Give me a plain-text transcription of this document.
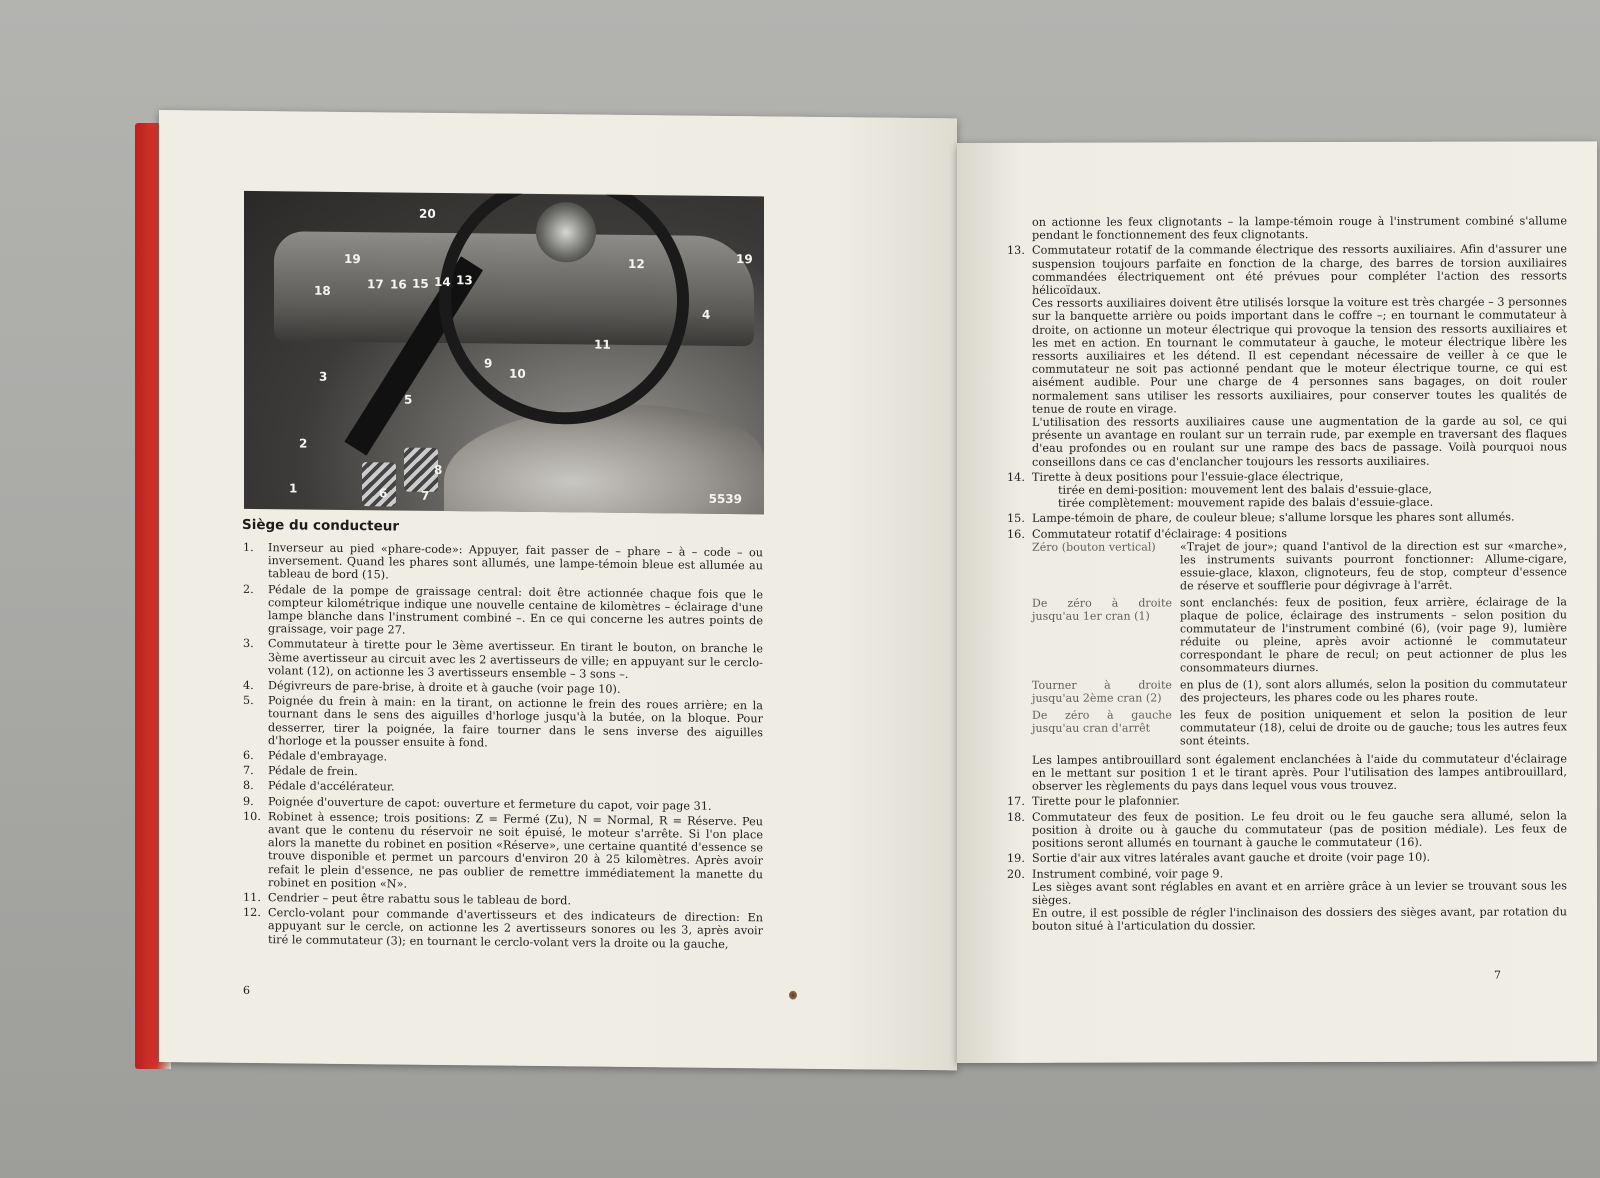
20
19
18	17 16 15 14 13
12	19
11
10
9
4
3
5
2
1	6	7
8
5539
Siège du conducteur
1.	Inverseur au pied «phare-code»: Appuyer, fait passer de – phare – à – code – ou inversement. Quand les phares sont allumés, une lampe-témoin bleue est allumée au tableau de bord (15).
2.	Pédale de la pompe de graissage central: doit être actionnée chaque fois que le compteur kilométrique indique une nouvelle centaine de kilomètres – éclairage d'une lampe blanche dans l'instrument combiné –. En ce qui concerne les autres points de graissage, voir page 27.
3.	Commutateur à tirette pour le 3ème avertisseur. En tirant le bouton, on branche le 3ème avertisseur au circuit avec les 2 avertisseurs de ville; en appuyant sur le cerclo-volant (12), on actionne les 3 avertisseurs ensemble – 3 sons –.
4.	Dégivreurs de pare-brise, à droite et à gauche (voir page 10).
5.	Poignée du frein à main: en la tirant, on actionne le frein des roues arrière; en la tournant dans le sens des aiguilles d'horloge jusqu'à la butée, on la bloque. Pour desserrer, tirer la poignée, la faire tourner dans le sens inverse des aiguilles d'horloge et la pousser ensuite à fond.
6.	Pédale d'embrayage.
7.	Pédale de frein.
8.	Pédale d'accélérateur.
9.	Poignée d'ouverture de capot: ouverture et fermeture du capot, voir page 31.
10. Robinet à essence; trois positions: Z = Fermé (Zu), N = Normal, R = Réserve. Peu avant que le contenu du réservoir ne soit épuisé, le moteur s'arrête. Si l'on place alors la manette du robinet en position «Réserve», une certaine quantité d'essence se trouve disponible et permet un parcours d'environ 20 à 25 kilomètres. Après avoir refait le plein d'essence, ne pas oublier de remettre immédiatement la manette du robinet en position «N».
11. Cendrier – peut être rabattu sous le tableau de bord.
12. Cerclo-volant pour commande d'avertisseurs et des indicateurs de direction: En appuyant sur le cercle, on actionne les 2 avertisseurs sonores ou les 3, après avoir tiré le commutateur (3); en tournant le cerclo-volant vers la droite ou la gauche,
6

on actionne les feux clignotants – la lampe-témoin rouge à l'instrument combiné s'allume pendant le fonctionnement des feux clignotants.

13. Commutateur rotatif de la commande électrique des ressorts auxiliaires. Afin d'assurer une suspension toujours parfaite en fonction de la charge, des barres de torsion auxiliaires commandées électriquement ont été prévues pour compléter l'action des ressorts hélicoïdaux.

Ces ressorts auxiliaires doivent être utilisés lorsque la voiture est très chargée – 3 personnes sur la banquette arrière ou poids important dans le coffre –; en tournant le commutateur à droite, on actionne un moteur électrique qui provoque la tension des ressorts auxiliaires et les met en action. En tournant le commutateur à gauche, le moteur électrique libère les ressorts auxiliaires et les détend. Il est cependant nécessaire de veiller à ce que le commutateur ne soit pas actionné pendant que le moteur électrique tourne, ce qui est aisément audible. Pour une charge de 4 personnes sans bagages, on doit rouler normalement sans utiliser les ressorts auxiliaires, pour conserver toutes les qualités de tenue de route en virage.

L'utilisation des ressorts auxiliaires cause une augmentation de la garde au sol, ce qui présente un avantage en roulant sur un terrain rude, par exemple en traversant des flaques d'eau profondes ou en roulant sur une rampe des bacs de passage. Voilà pourquoi nous conseillons dans ce cas d'enclancher toujours les ressorts auxiliaires.

14. Tirette à deux positions pour l'essuie-glace électrique,

tirée en demi-position: mouvement lent des balais d'essuie-glace,

tirée complètement: mouvement rapide des balais d'essuie-glace.

15. Lampe-témoin de phare, de couleur bleue; s'allume lorsque les phares sont allumés.
16. Commutateur rotatif d'éclairage: 4 positions
Zéro (bouton vertical)	«Trajet de jour»; quand l'antivol de la direction est sur «marche», les instruments suivants pourront fonctionner: Allume-cigare, essuie-glace, klaxon, clignoteurs, feu de stop, compteur d'essence de réserve et soufflerie pour dégivrage à l'arrêt.
De zéro à droite jusqu'au 1er cran (1)	sont enclanchés: feux de position, feux arrière, éclairage de la plaque de police, éclairage des instruments – selon position du commutateur de l'instrument combiné (6), (voir page 9), lumière réduite ou pleine, après avoir actionné le commutateur correspondant le phare de recul; on peut actionner de plus les consommateurs diurnes.
Tourner à droite jusqu'au 2ème cran (2)	en plus de (1), sont alors allumés, selon la position du commutateur des projecteurs, les phares code ou les phares route.
De zéro à gauche jusqu'au cran d'arrêt	les feux de position uniquement et selon la position de leur commutateur (18), celui de droite ou de gauche; tous les autres feux sont éteints.

Les lampes antibrouillard sont également enclanchées à l'aide du commutateur d'éclairage en le mettant sur position 1 et le tirant après. Pour l'utilisation des lampes antibrouillard, observer les règlements du pays dans lequel vous vous trouvez.

17. Tirette pour le plafonnier.
18. Commutateur des feux de position. Le feu droit ou le feu gauche sera allumé, selon la position à droite ou à gauche du commutateur (pas de position médiale). Les feux de positions seront allumés en tournant à gauche le commutateur (16).
19. Sortie d'air aux vitres latérales avant gauche et droite (voir page 10).
20. Instrument combiné, voir page 9.

Les sièges avant sont réglables en avant et en arrière grâce à un levier se trouvant sous les sièges.

En outre, il est possible de régler l'inclinaison des dossiers des sièges avant, par rotation du bouton situé à l'articulation du dossier.

7
